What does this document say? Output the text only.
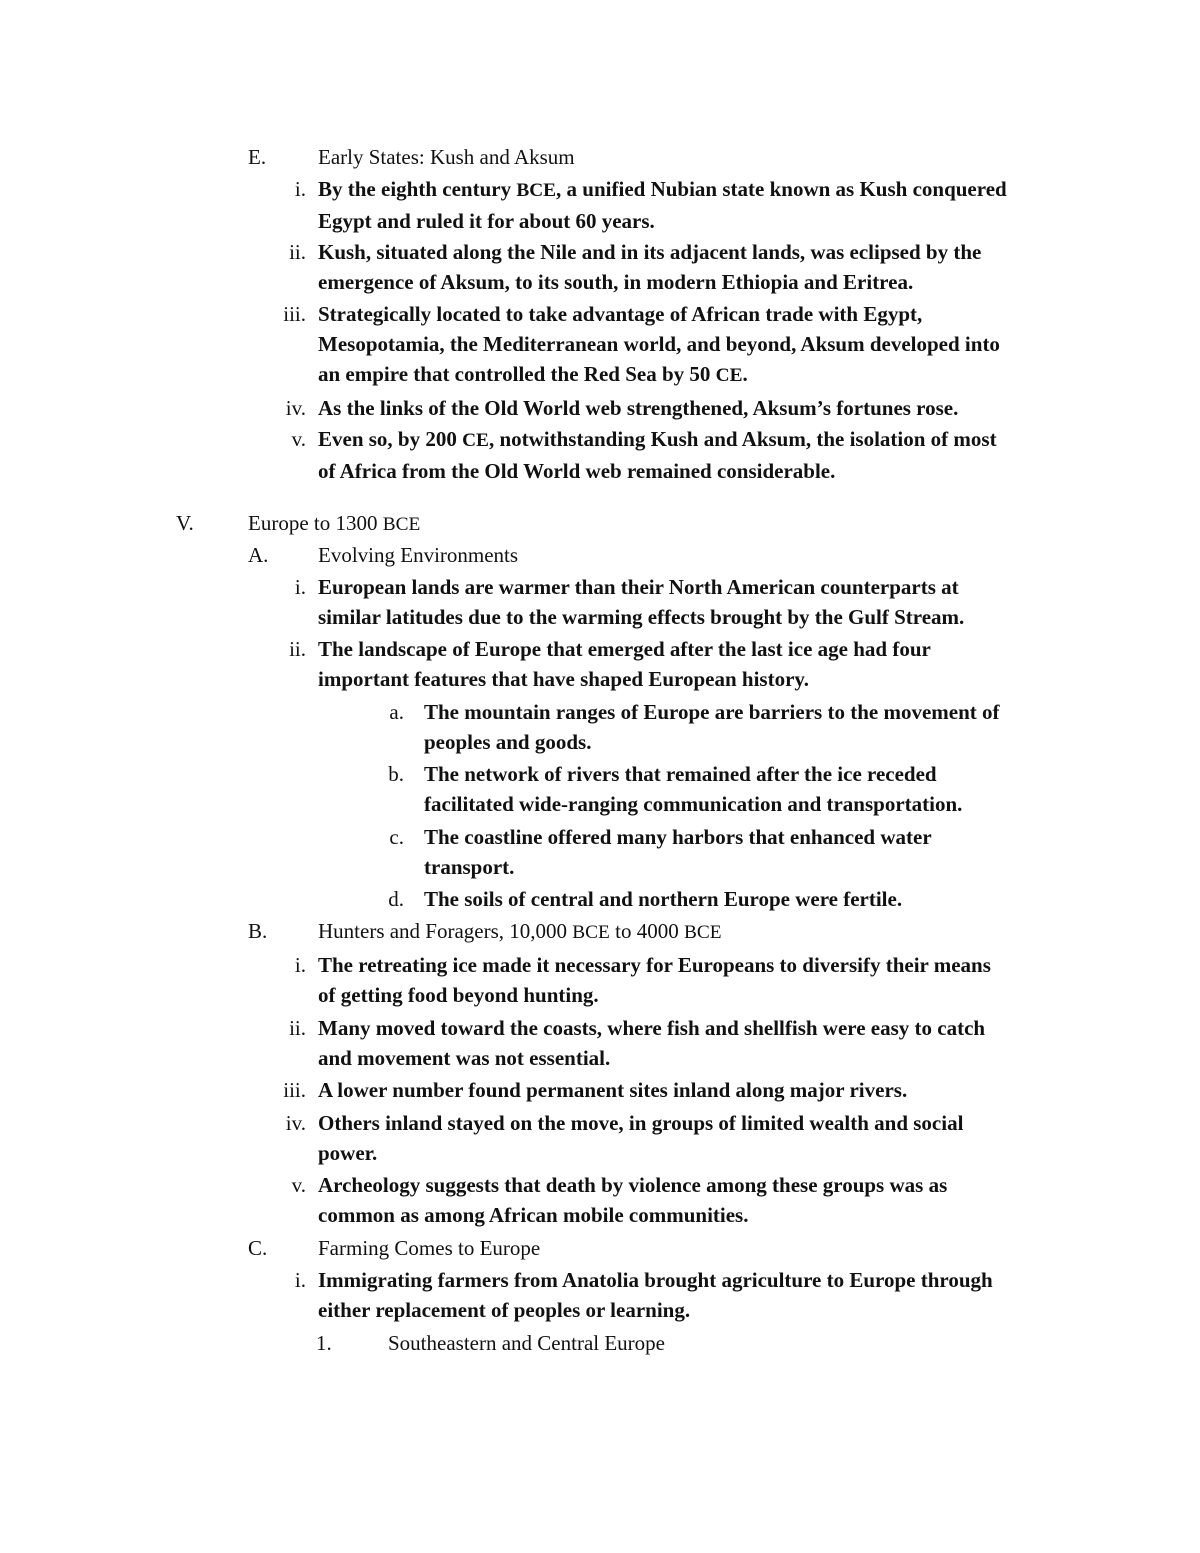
E. Early States: Kush and Aksum
i. By the eighth century BCE, a unified Nubian state known as Kush conquered Egypt and ruled it for about 60 years.
ii. Kush, situated along the Nile and in its adjacent lands, was eclipsed by the emergence of Aksum, to its south, in modern Ethiopia and Eritrea.
iii. Strategically located to take advantage of African trade with Egypt, Mesopotamia, the Mediterranean world, and beyond, Aksum developed into an empire that controlled the Red Sea by 50 CE.
iv. As the links of the Old World web strengthened, Aksum’s fortunes rose.
v. Even so, by 200 CE, notwithstanding Kush and Aksum, the isolation of most of Africa from the Old World web remained considerable.
V.	Europe to 1300 BCE
A. Evolving Environments
i. European lands are warmer than their North American counterparts at similar latitudes due to the warming effects brought by the Gulf Stream.
ii. The landscape of Europe that emerged after the last ice age had four important features that have shaped European history.
a. The mountain ranges of Europe are barriers to the movement of peoples and goods.
b. The network of rivers that remained after the ice receded facilitated wide-ranging communication and transportation.
c. The coastline offered many harbors that enhanced water transport.
d. The soils of central and northern Europe were fertile.
B. Hunters and Foragers, 10,000 BCE to 4000 BCE
i. The retreating ice made it necessary for Europeans to diversify their means of getting food beyond hunting.
ii. Many moved toward the coasts, where fish and shellfish were easy to catch and movement was not essential.
iii. A lower number found permanent sites inland along major rivers.
iv. Others inland stayed on the move, in groups of limited wealth and social power.
v. Archeology suggests that death by violence among these groups was as common as among African mobile communities.
C. Farming Comes to Europe
i. Immigrating farmers from Anatolia brought agriculture to Europe through either replacement of peoples or learning.
1.	Southeastern and Central Europe
